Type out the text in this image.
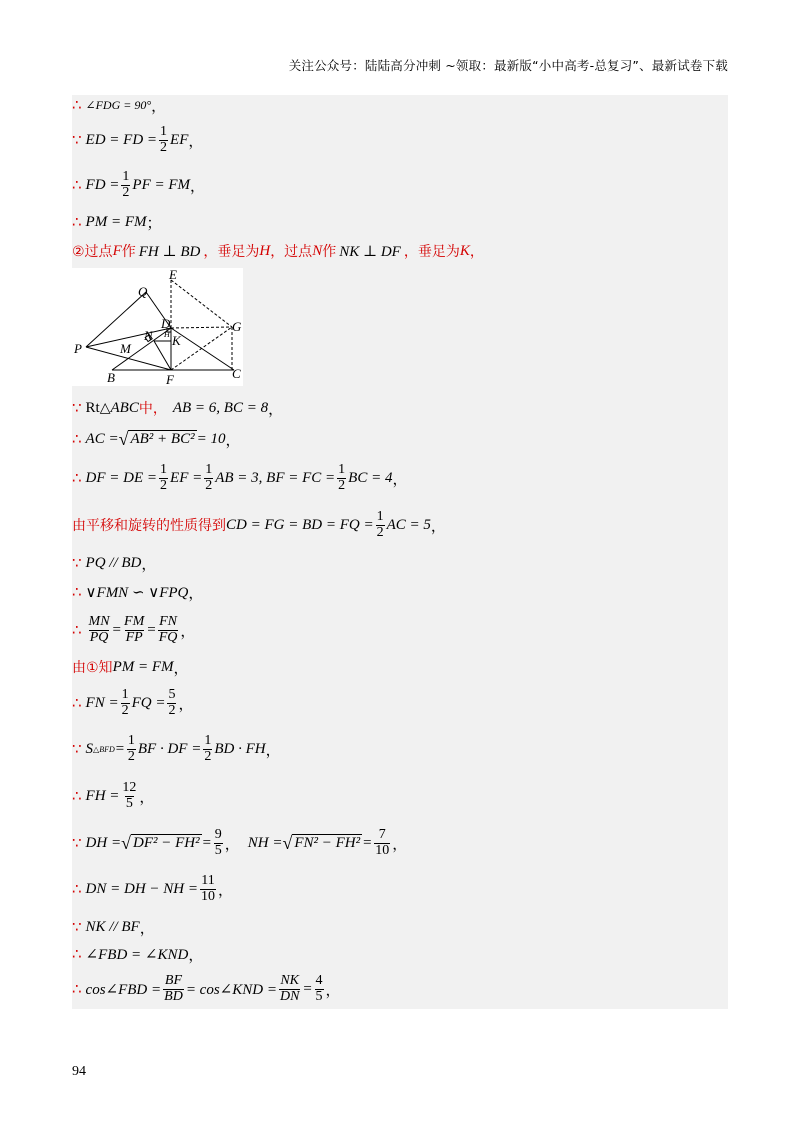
关注公众号：陆陆高分冲刺 ~领取：最新版“小中高考-总复习”、最新试卷下载
∴ ∠FDG = 90° ，
∵ ED = FD = $\frac{1}{2}$ EF ，
∴ FD = $\frac{1}{2}$ PF = FM ，
∴ PM = FM ；
②过点 F 作 FH ⊥ BD ，垂足为 H ，过点 N 作 NK ⊥ DF ，垂足为 K ，
E
Q
D	G
N K
H
P	M
B	F	C
∵ Rt △ ABC 中， AB = 6, BC = 8 ，
∴ AC = √ AB² + BC² = 10 ，
∴ DF = DE = $\frac{1}{2}$ EF = $\frac{1}{2}$ AB = 3, BF = FC = $\frac{1}{2}$ BC = 4 ，
由平移和旋转的性质得到 CD = FG = BD = FQ = $\frac{1}{2}$ AC = 5 ，
∵ PQ // BD ，
∴ ∨FMN ∽ ∨FPQ ，
∴ $\frac{MN}{PQ} = \frac{FM}{FP} = \frac{FN}{FQ}$ ，
由①知 PM = FM ，
∴ FN = $\frac{1}{2}$ FQ = $\frac{5}{2}$ ，
∵ S △BFD = $\frac{1}{2}$ BF · DF = $\frac{1}{2}$ BD · FH ，
∴ FH = $\frac{12}{5}$ ，
∵ DH = √ $DF^2 - FH^2 = \frac{9}{5}$ ， NH = √ $FN^2 - FH^2 = \frac{7}{10}$ ，
∴ DN = DH − NH = $\frac{11}{10}$ ，
∵ NK // BF ，
∴ ∠FBD = ∠KND ，
∴ cos∠FBD = $\frac{BF}{BD}$ = cos∠KND = $\frac{NK}{DN} = \frac{4}{5}$ ，
94
